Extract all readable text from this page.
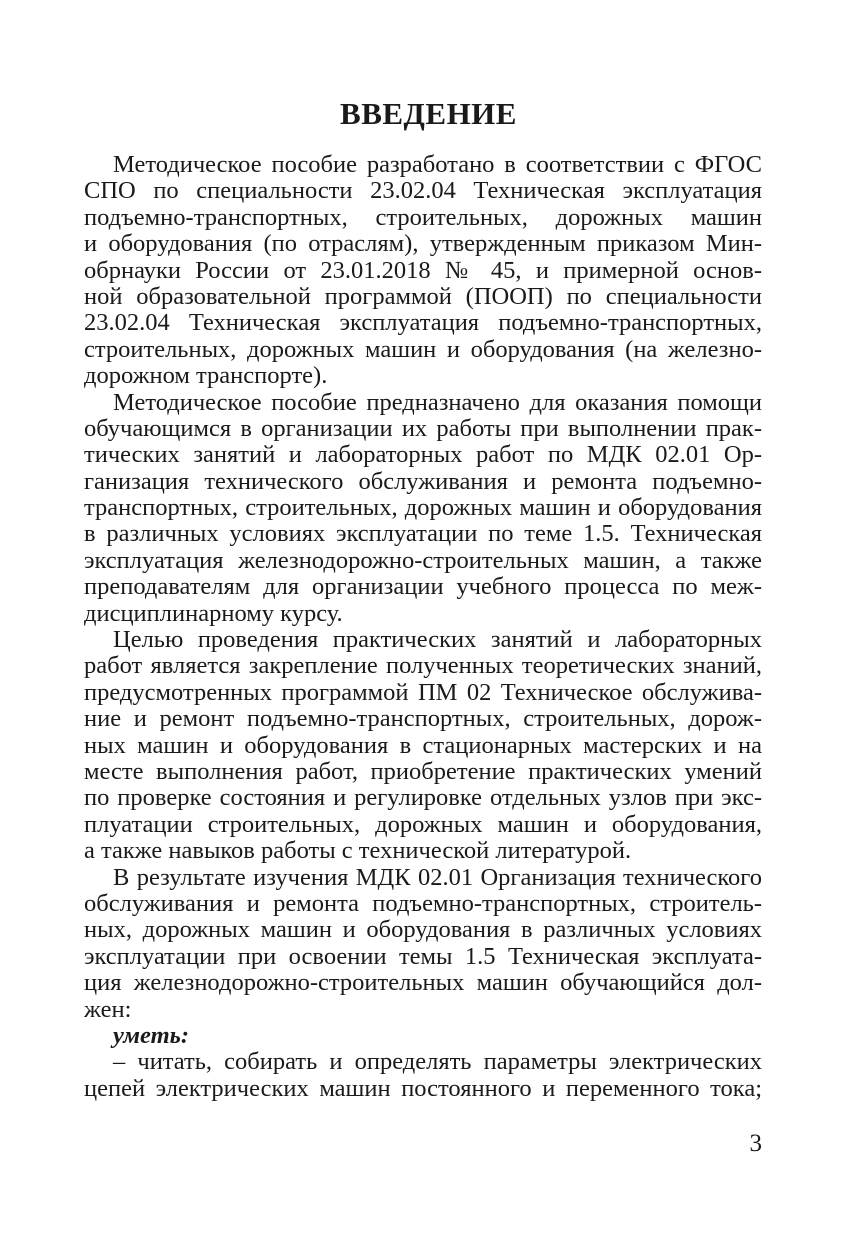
ВВЕДЕНИЕ
Методическое пособие разработано в соответствии с ФГОС
СПО по специальности 23.02.04 Техническая эксплуатация
подъемно-транспортных, строительных, дорожных машин
и оборудования (по отраслям), утвержденным приказом Мин-
обрнауки России от 23.01.2018 № 45, и примерной основ-
ной образовательной программой (ПООП) по специальности
23.02.04 Техническая эксплуатация подъемно-транспортных,
строительных, дорожных машин и оборудования (на железно-
дорожном транспорте).
Методическое пособие предназначено для оказания помощи
обучающимся в организации их работы при выполнении прак-
тических занятий и лабораторных работ по МДК 02.01 Ор-
ганизация технического обслуживания и ремонта подъемно-
транспортных, строительных, дорожных машин и оборудования
в различных условиях эксплуатации по теме 1.5. Техническая
эксплуатация железнодорожно-строительных машин, а также
преподавателям для организации учебного процесса по меж-
дисциплинарному курсу.
Целью проведения практических занятий и лабораторных
работ является закрепление полученных теоретических знаний,
предусмотренных программой ПМ 02 Техническое обслужива-
ние и ремонт подъемно-транспортных, строительных, дорож-
ных машин и оборудования в стационарных мастерских и на
месте выполнения работ, приобретение практических умений
по проверке состояния и регулировке отдельных узлов при экс-
плуатации строительных, дорожных машин и оборудования,
а также навыков работы с технической литературой.
В результате изучения МДК 02.01 Организация технического
обслуживания и ремонта подъемно-транспортных, строитель-
ных, дорожных машин и оборудования в различных условиях
эксплуатации при освоении темы 1.5 Техническая эксплуата-
ция железнодорожно-строительных машин обучающийся дол-
жен:
уметь:
– читать, собирать и определять параметры электрических
цепей электрических машин постоянного и переменного тока;
3
